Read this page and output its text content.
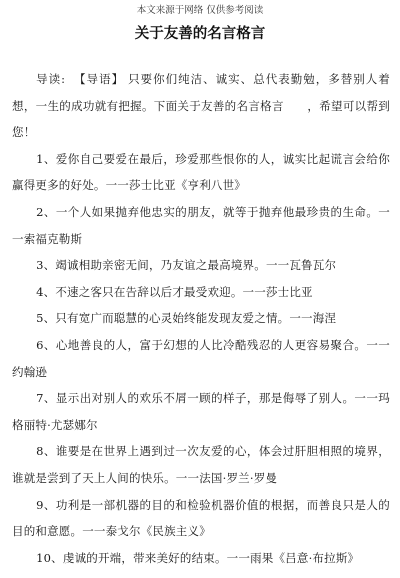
本文来源于网络 仅供参考阅读
关于友善的名言格言

导读: 【导语】 只要你们纯洁、诚实、总代表勤勉，多替别人着想，一生的成功就有把握。下面关于友善的名言格言　　，希望可以帮到您！

1、爱你自己要爱在最后，珍爱那些恨你的人，诚实比起谎言会给你赢得更多的好处。一一莎士比亚《亨利八世》

2、一个人如果抛弃他忠实的朋友，就等于抛弃他最珍贵的生命。一一索福克勒斯

3、竭诚相助亲密无间，乃友谊之最高境界。一一瓦鲁瓦尔

4、不速之客只在告辞以后才最受欢迎。一一莎士比亚

5、只有宽广而聪慧的心灵始终能发现友爱之情。一一海涅

6、心地善良的人，富于幻想的人比冷酷残忍的人更容易聚合。一一约翰逊

7、显示出对别人的欢乐不屑一顾的样子，那是侮辱了别人。一一玛格丽特·尤瑟娜尔

8、谁要是在世界上遇到过一次友爱的心，体会过肝胆相照的境界，谁就是尝到了天上人间的快乐。一一法国·罗兰·罗曼

9、功利是一部机器的目的和检验机器价值的根据，而善良只是人的目的和意愿。一一泰戈尔《民族主义》

10、虔诚的开端，带来美好的结束。一一雨果《吕意·布拉斯》
